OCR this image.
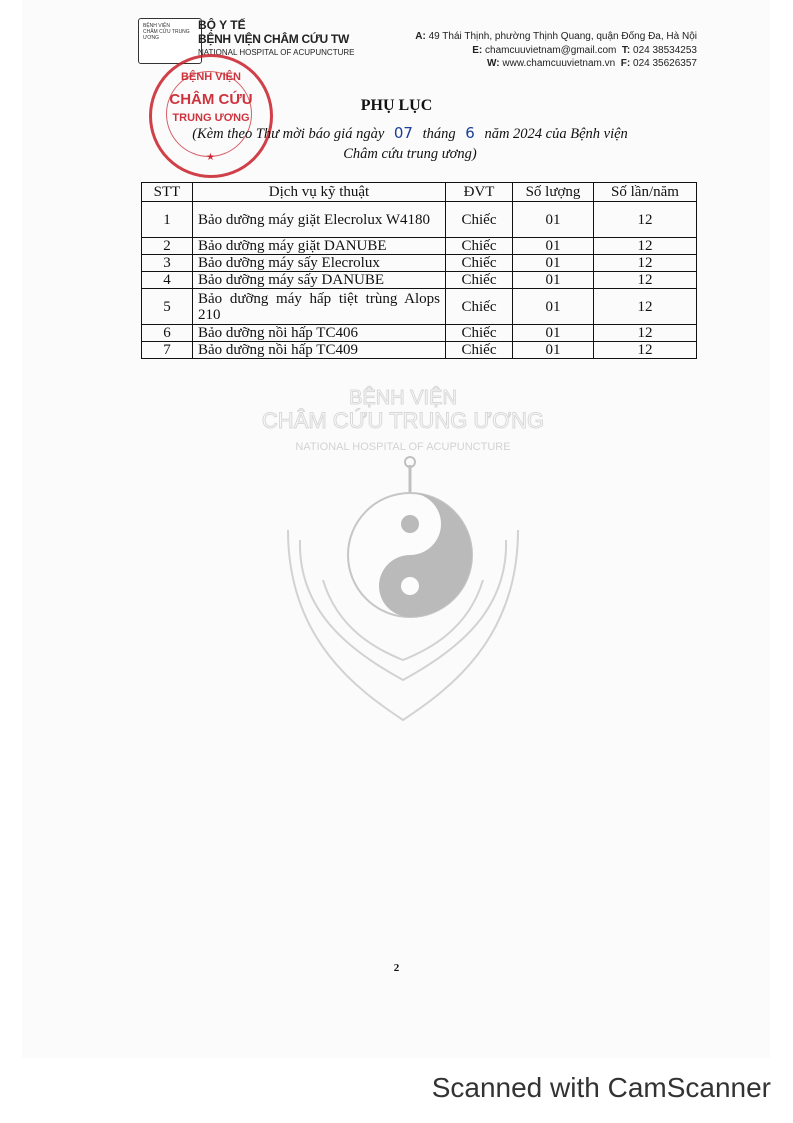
BỆNH VIỆN
CHÂM CỨU TRUNG ƯƠNG
BỘ Y TẾ
BỆNH VIỆN CHÂM CỨU TW
NATIONAL HOSPITAL OF ACUPUNCTURE
A: 49 Thái Thịnh, phường Thịnh Quang, quận Đống Đa, Hà Nội
E: chamcuuvietnam@gmail.com T: 024 38534253
W: www.chamcuuvietnam.vn F: 024 35626357
BỆNH VIỆN
CHÂM CỨU
TRUNG ƯƠNG
★
PHỤ LỤC
(Kèm theo Thư mời báo giá ngày 07 tháng 6 năm 2024 của Bệnh viện
Châm cứu trung ương)
STT	Dịch vụ kỹ thuật	ĐVT	Số lượng	Số lần/năm
1	Bảo dưỡng máy giặt Elecrolux W4180	Chiếc	01	12
2	Bảo dưỡng máy giặt DANUBE	Chiếc	01	12
3	Bảo dưỡng máy sấy Elecrolux	Chiếc	01	12
4	Bảo dưỡng máy sấy DANUBE	Chiếc	01	12
5	Bảo dưỡng máy hấp tiệt trùng Alops 210	Chiếc	01	12
6	Bảo dưỡng nồi hấp TC406	Chiếc	01	12
7	Bảo dưỡng nồi hấp TC409	Chiếc	01	12
BỆNH VIỆN
CHÂM CỨU TRUNG ƯƠNG
NATIONAL HOSPITAL OF ACUPUNCTURE
2
Scanned with CamScanner
